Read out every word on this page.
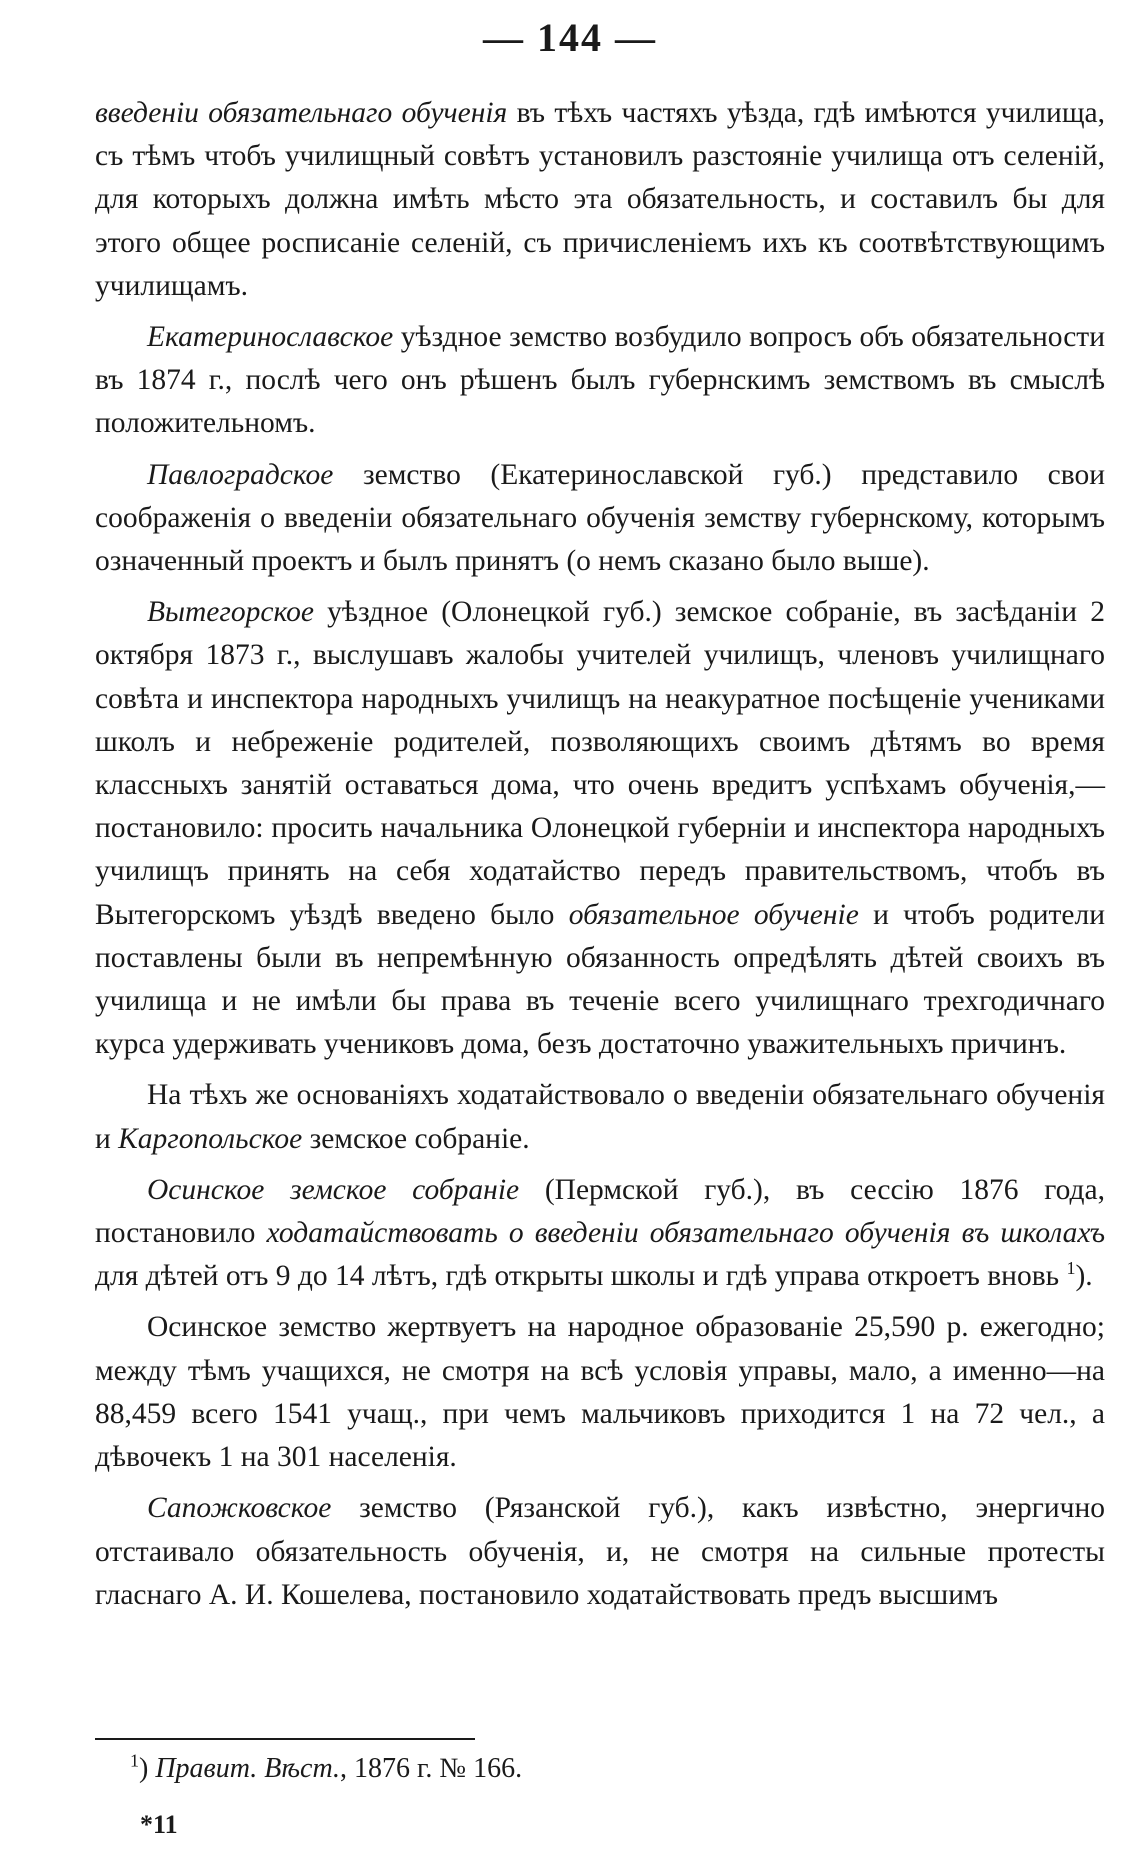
— 144 —

введеніи обязательнаго обученія въ тѣхъ частяхъ уѣзда, гдѣ имѣются училища, съ тѣмъ чтобъ училищный совѣтъ установилъ разстояніе училища отъ селеній, для которыхъ должна имѣть мѣсто эта обязательность, и составилъ бы для этого общее росписаніе селеній, съ причисленіемъ ихъ къ соотвѣтствующимъ училищамъ.

Екатеринославское уѣздное земство возбудило вопросъ объ обязательности въ 1874 г., послѣ чего онъ рѣшенъ былъ губернскимъ земствомъ въ смыслѣ положительномъ.

Павлоградское земство (Екатеринославской губ.) представило свои соображенія о введеніи обязательнаго обученія земству губернскому, которымъ означенный проектъ и былъ принятъ (о немъ сказано было выше).

Вытегорское уѣздное (Олонецкой губ.) земское собраніе, въ засѣданіи 2 октября 1873 г., выслушавъ жалобы учителей училищъ, членовъ училищнаго совѣта и инспектора народныхъ училищъ на неакуратное посѣщеніе учениками школъ и небреженіе родителей, позволяющихъ своимъ дѣтямъ во время классныхъ занятій оставаться дома, что очень вредитъ успѣхамъ обученія,—постановило: просить начальника Олонецкой губерніи и инспектора народныхъ училищъ принять на себя ходатайство передъ правительствомъ, чтобъ въ Вытегорскомъ уѣздѣ введено было обязательное обученіе и чтобъ родители поставлены были въ непремѣнную обязанность опредѣлять дѣтей своихъ въ училища и не имѣли бы права въ теченіе всего училищнаго трехгодичнаго курса удерживать учениковъ дома, безъ достаточно уважительныхъ причинъ.

На тѣхъ же основаніяхъ ходатайствовало о введеніи обязательнаго обученія и Каргопольское земское собраніе.

Осинское земское собраніе (Пермской губ.), въ сессію 1876 года, постановило ходатайствовать о введеніи обязательнаго обученія въ школахъ для дѣтей отъ 9 до 14 лѣтъ, гдѣ открыты школы и гдѣ управа откроетъ вновь $^1$).

Осинское земство жертвуетъ на народное образованіе 25,590 р. ежегодно; между тѣмъ учащихся, не смотря на всѣ условія управы, мало, а именно—на 88,459 всего 1541 учащ., при чемъ мальчиковъ приходится 1 на 72 чел., а дѣвочекъ 1 на 301 населенія.

Сапожковское земство (Рязанской губ.), какъ извѣстно, энергично отстаивало обязательность обученія, и, не смотря на сильные протесты гласнаго А. И. Кошелева, постановило ходатайствовать предъ высшимъ

$^1$) Правит. Вѣст., 1876 г. № 166.
*11
